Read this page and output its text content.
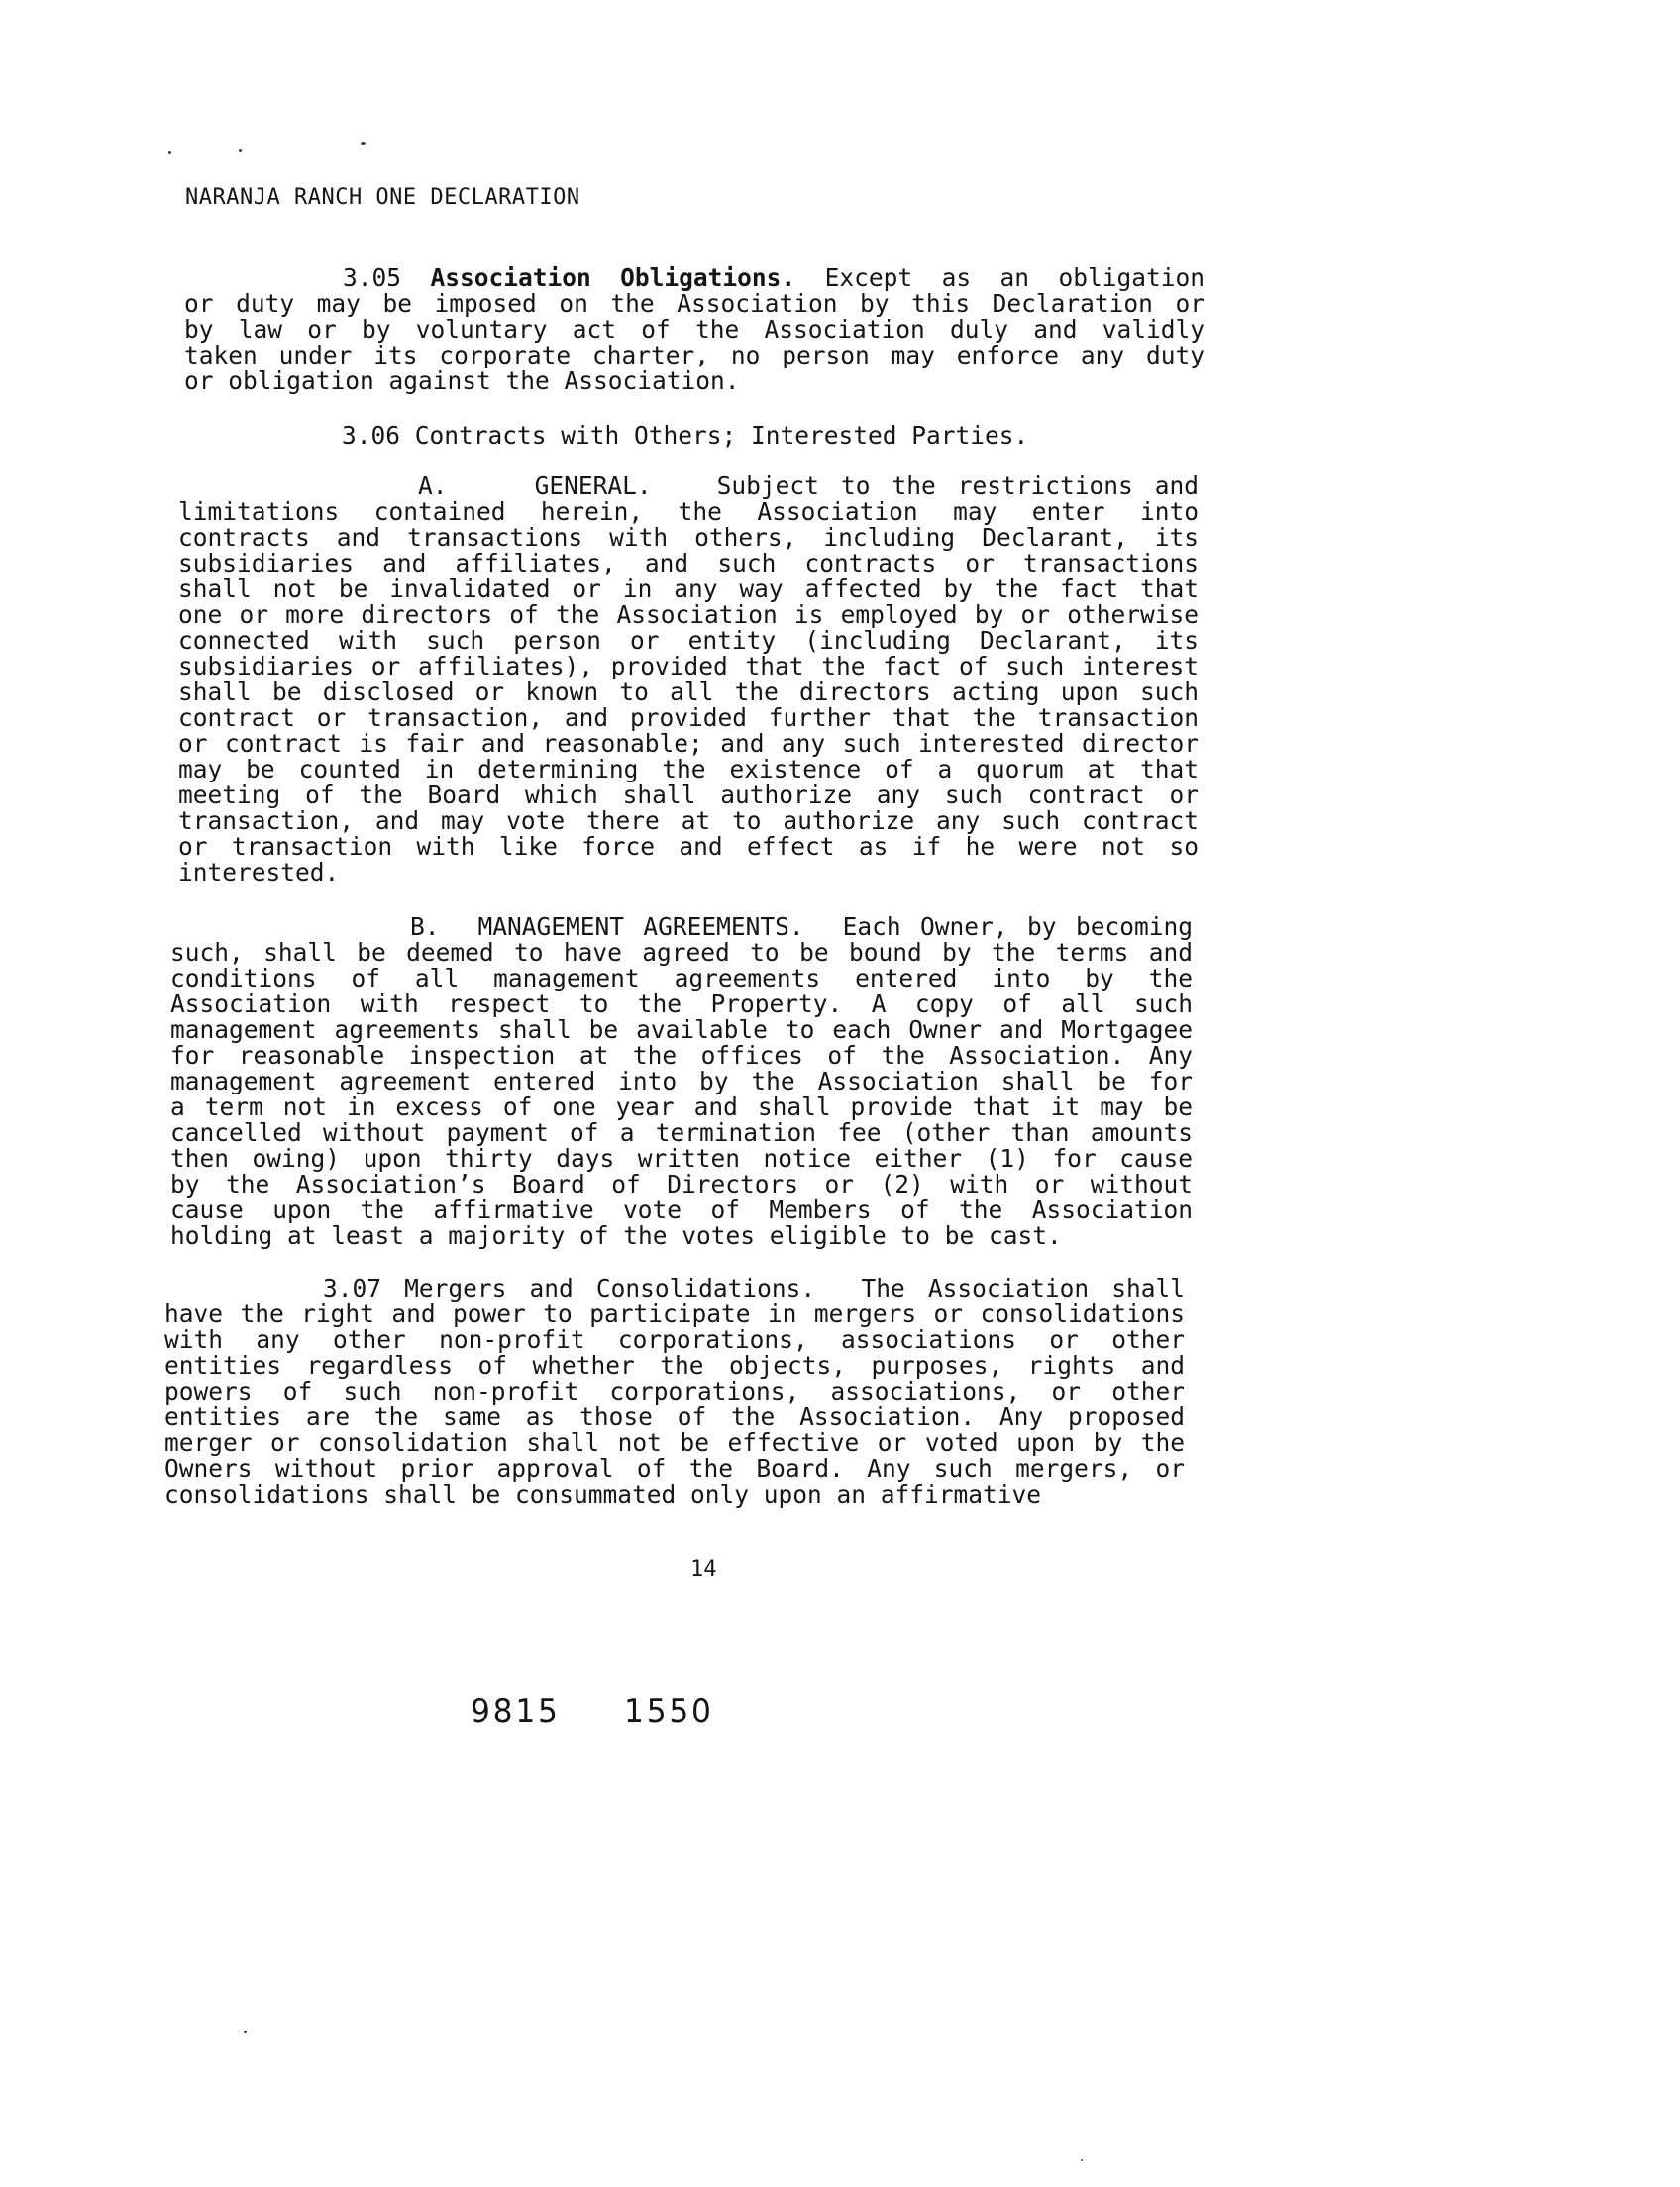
NARANJA RANCH ONE DECLARATION
3.05 Association Obligations. Except as an obligation
or duty may be imposed on the Association by this Declaration or
by law or by voluntary act of the Association duly and validly
taken under its corporate charter, no person may enforce any duty
or obligation against the Association.
3.06 Contracts with Others; Interested Parties.
A.	GENERAL.	Subject to the restrictions and
limitations contained herein, the Association may enter into
contracts and transactions with others, including Declarant, its
subsidiaries and affiliates, and such contracts or transactions
shall not be invalidated or in any way affected by the fact that
one or more directors of the Association is employed by or otherwise
connected with such person or entity (including Declarant, its
subsidiaries or affiliates), provided that the fact of such interest
shall be disclosed or known to all the directors acting upon such
contract or transaction, and provided further that the transaction
or contract is fair and reasonable; and any such interested director
may be counted in determining the existence of a quorum at that
meeting of the Board which shall authorize any such contract or
transaction, and may vote there at to authorize any such contract
or transaction with like force and effect as if he were not so
interested.
B. MANAGEMENT AGREEMENTS. Each Owner, by becoming
such, shall be deemed to have agreed to be bound by the terms and
conditions of all management agreements entered into by the
Association with respect to the Property. A copy of all such
management agreements shall be available to each Owner and Mortgagee
for reasonable inspection at the offices of the Association. Any
management agreement entered into by the Association shall be for
a term not in excess of one year and shall provide that it may be
cancelled without payment of a termination fee (other than amounts
then owing) upon thirty days written notice either (1) for cause
by the Association’s Board of Directors or (2) with or without
cause upon the affirmative vote of Members of the Association
holding at least a majority of the votes eligible to be cast.
3.07 Mergers and Consolidations. The Association shall
have the right and power to participate in mergers or consolidations
with any other non-profit corporations, associations or other
entities regardless of whether the objects, purposes, rights and
powers of such non-profit corporations, associations, or other
entities are the same as those of the Association. Any proposed
merger or consolidation shall not be effective or voted upon by the
Owners without prior approval of the Board. Any such mergers, or
consolidations shall be consummated only upon an affirmative
14
9815 1550
